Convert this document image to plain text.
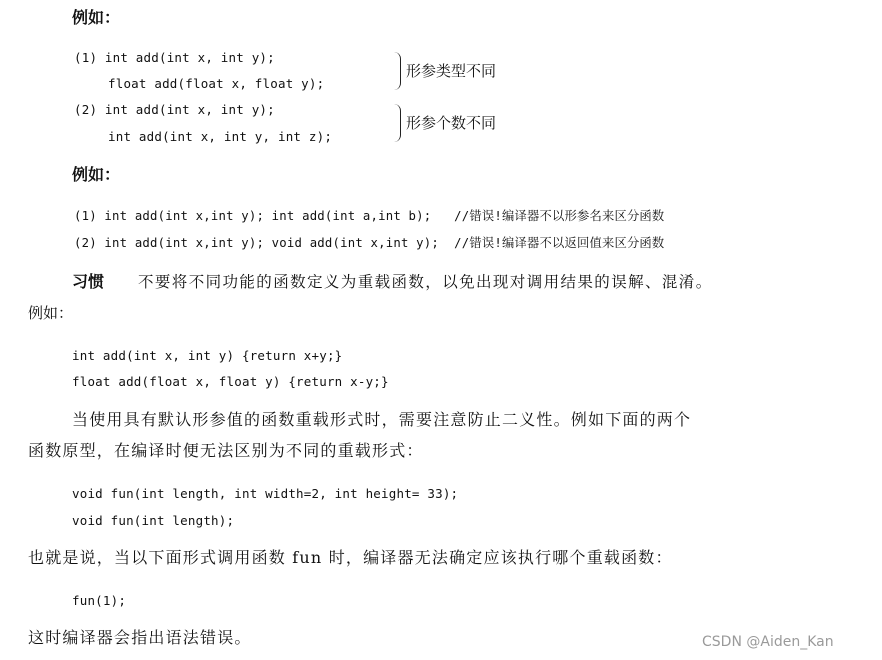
例如：
(1) int add(int x, int y);
float add(float x, float y);
形参类型不同
(2) int add(int x, int y);
int add(int x, int y, int z);
形参个数不同
例如：
(1) int add(int x,int y); int add(int a,int b);   //错误!编译器不以形参名来区分函数
(2) int add(int x,int y); void add(int x,int y);  //错误!编译器不以返回值来区分函数
习惯 不要将不同功能的函数定义为重载函数，以免出现对调用结果的误解、混淆。
例如：
int add(int x, int y) {return x+y;}
float add(float x, float y) {return x-y;}
当使用具有默认形参值的函数重载形式时，需要注意防止二义性。例如下面的两个
函数原型，在编译时便无法区别为不同的重载形式：
void fun(int length, int width=2, int height= 33);
void fun(int length);
也就是说，当以下面形式调用函数 fun 时，编译器无法确定应该执行哪个重载函数：
fun(1);
这时编译器会指出语法错误。	CSDN @Aiden_Kan
